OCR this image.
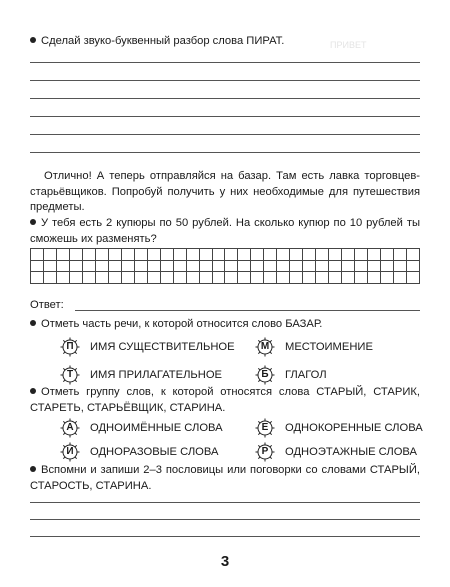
ПРИВЕТ
Сделай звуко-буквенный разбор слова ПИРАТ.
Отлично! А теперь отправляйся на базар. Там есть лавка торговцев-старьёвщиков. Попробуй получить у них необходимые для путешествия предметы.
У тебя есть 2 купюры по 50 рублей. На сколько купюр по 10 рублей ты сможешь их разменять?
Ответ:
Отметь часть речи, к которой относится слово БАЗАР.
П	ИМЯ СУЩЕСТВИТЕЛЬНОЕ	М	МЕСТОИМЕНИЕ
Т	ИМЯ ПРИЛАГАТЕЛЬНОЕ	Б	ГЛАГОЛ
Отметь группу слов, к которой относятся слова СТАРЫЙ, СТАРИК, СТАРЕТЬ, СТАРЬЁВЩИК, СТАРИНА.
А	ОДНОИМЁННЫЕ СЛОВА	Е	ОДНОКОРЕННЫЕ СЛОВА
И	ОДНОРАЗОВЫЕ СЛОВА	Р	ОДНОЭТАЖНЫЕ СЛОВА
Вспомни и запиши 2–3 пословицы или поговорки со словами СТАРЫЙ, СТАРОСТЬ, СТАРИНА.
3
